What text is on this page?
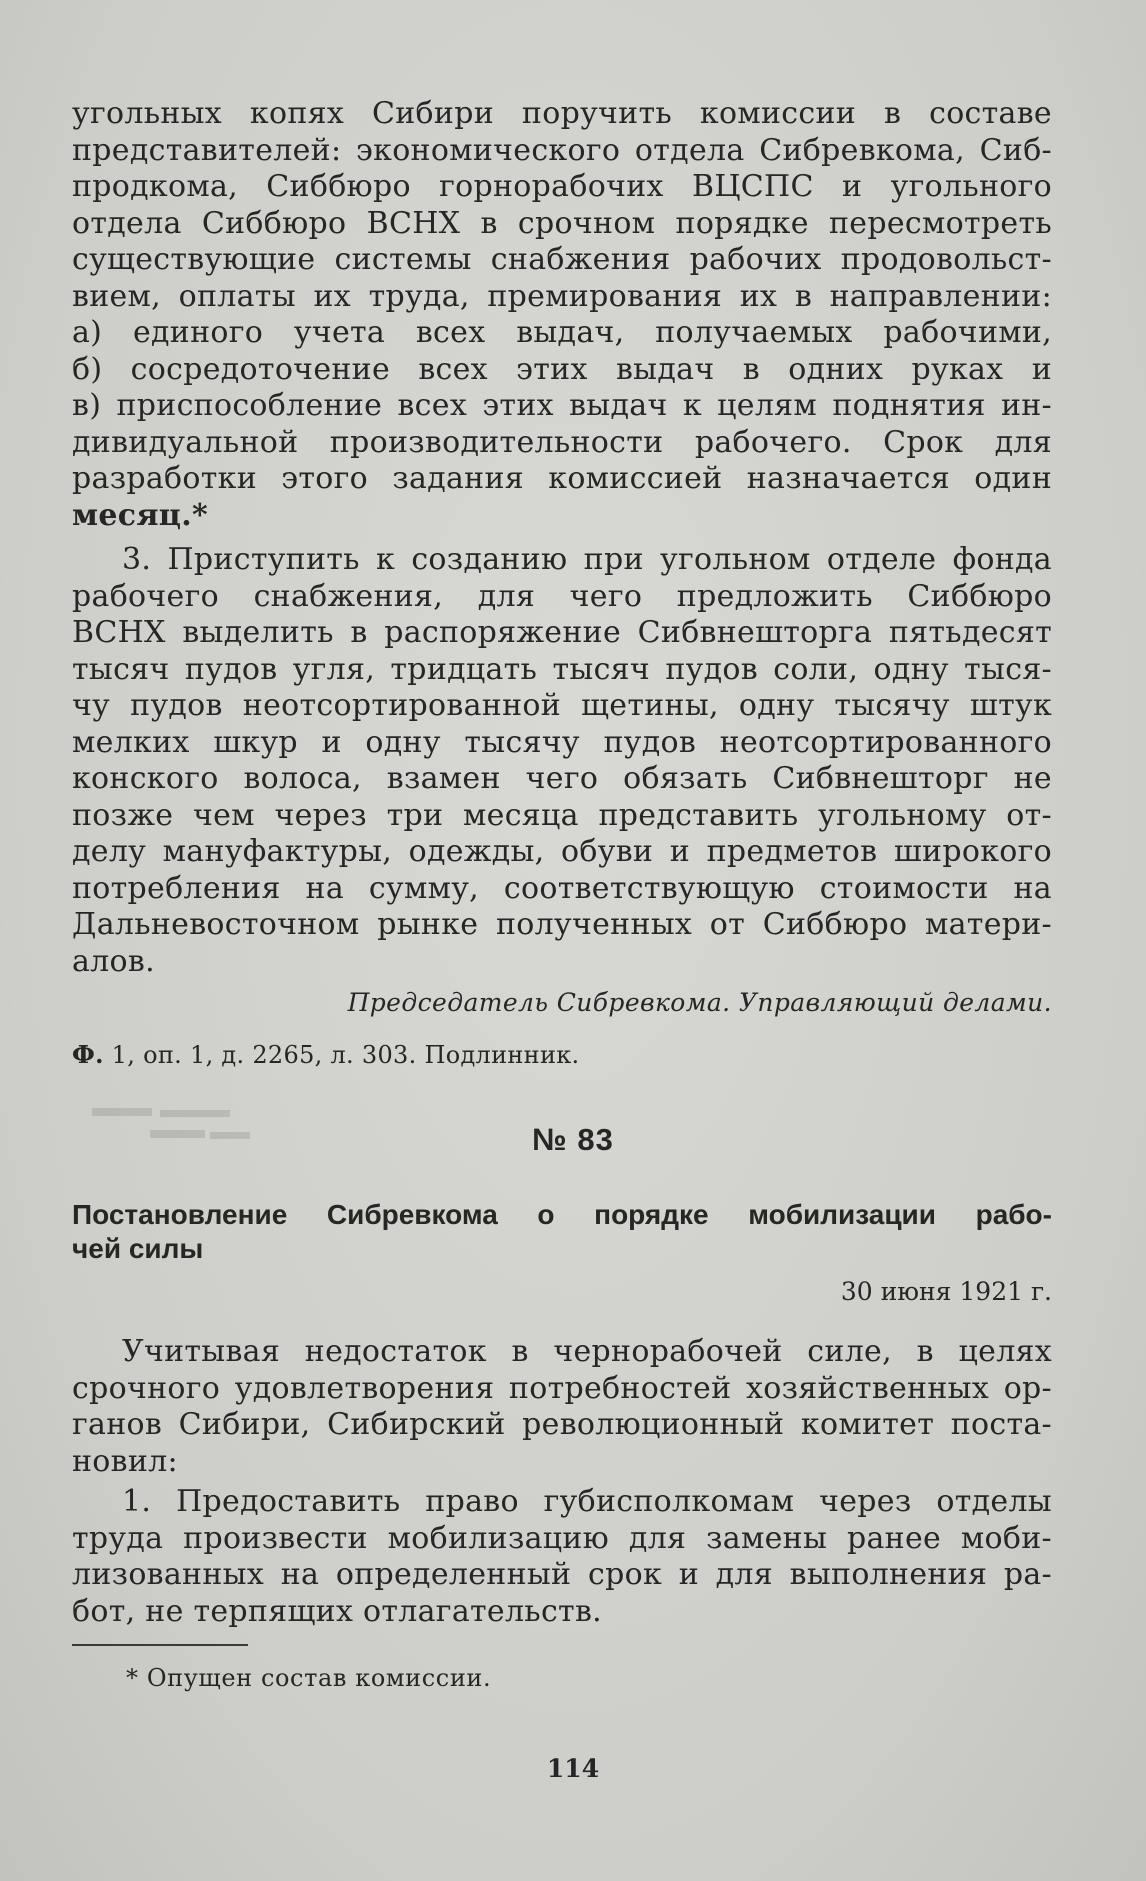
угольных копях Сибири поручить комиссии в составе
представителей: экономического отдела Сибревкома, Сиб-
продкома, Сиббюро горнорабочих ВЦСПС и угольного
отдела Сиббюро ВСНХ в срочном порядке пересмотреть
существующие системы снабжения рабочих продовольст-
вием, оплаты их труда, премирования их в направлении:
а) единого учета всех выдач, получаемых рабочими,
б) сосредоточение всех этих выдач в одних руках и
в) приспособление всех этих выдач к целям поднятия ин-
дивидуальной производительности рабочего. Срок для
разработки этого задания комиссией назначается один
месяц.*

3. Приступить к созданию при угольном отделе фонда
рабочего снабжения, для чего предложить Сиббюро
ВСНХ выделить в распоряжение Сибвнешторга пятьдесят
тысяч пудов угля, тридцать тысяч пудов соли, одну тыся-
чу пудов неотсортированной щетины, одну тысячу штук
мелких шкур и одну тысячу пудов неотсортированного
конского волоса, взамен чего обязать Сибвнешторг не
позже чем через три месяца представить угольному от-
делу мануфактуры, одежды, обуви и предметов широкого
потребления на сумму, соответствующую стоимости на
Дальневосточном рынке полученных от Сиббюро матери-
алов.

Председатель Сибревкома. Управляющий делами.
Ф. 1, оп. 1, д. 2265, л. 303. Подлинник.
№ 83
Постановление Сибревкома о порядке мобилизации рабо-
чей силы
30 июня 1921 г.

Учитывая недостаток в чернорабочей силе, в целях
срочного удовлетворения потребностей хозяйственных ор-
ганов Сибири, Сибирский революционный комитет поста-
новил:

1. Предоставить право губисполкомам через отделы
труда произвести мобилизацию для замены ранее моби-
лизованных на определенный срок и для выполнения ра-
бот, не терпящих отлагательств.

* Опущен состав комиссии.
114
